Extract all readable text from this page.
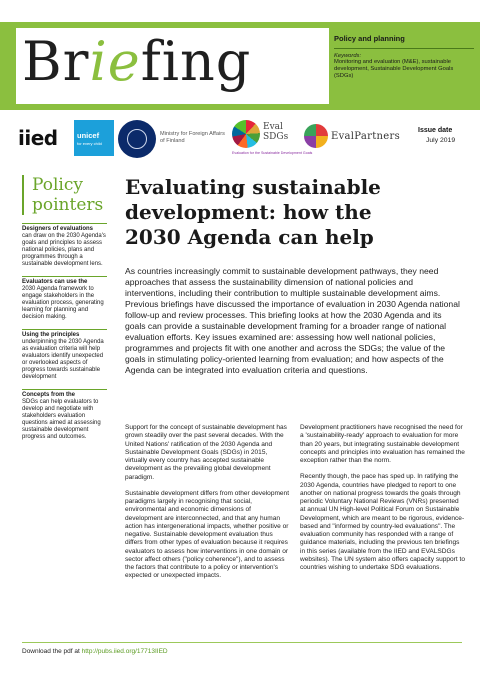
Briefing	Policy and planning
Keywords:
Monitoring and evaluation (M&E), sustainable development, Sustainable Development Goals (SDGs)
iied	unicef
for every child
Ministry for Foreign Affairs of Finland
Eval
SDGs
Evaluation for the Sustainable Development Goals
EvalPartners
Issue date
July 2019
Policy pointers
Designers of evaluations
can draw on the 2030 Agenda's goals and principles to assess national policies, plans and programmes through a sustainable development lens.
Evaluators can use the
2030 Agenda framework to engage stakeholders in the evaluation process, generating learning for planning and decision making.
Using the principles
underpinning the 2030 Agenda as evaluation criteria will help evaluators identify unexpected or overlooked aspects of progress towards sustainable development
Concepts from the
SDGs can help evaluators to develop and negotiate with stakeholders evaluation questions aimed at assessing sustainable development progress and outcomes.
Evaluating sustainable development: how the 2030 Agenda can help

As countries increasingly commit to sustainable development pathways, they need approaches that assess the sustainability dimension of national policies and interventions, including their contribution to multiple sustainable development aims. Previous briefings have discussed the importance of evaluation in 2030 Agenda national follow-up and review processes. This briefing looks at how the 2030 Agenda and its goals can provide a sustainable development framing for a broader range of national evaluation efforts. Key issues examined are: assessing how well national policies, programmes and projects fit with one another and across the SDGs; the value of the goals in stimulating policy-oriented learning from evaluation; and how aspects of the Agenda can be integrated into evaluation criteria and questions.

Support for the concept of sustainable development has grown steadily over the past several decades. With the United Nations' ratification of the 2030 Agenda and Sustainable Development Goals (SDGs) in 2015, virtually every country has accepted sustainable development as the prevailing global development paradigm.

Sustainable development differs from other development paradigms largely in recognising that social, environmental and economic dimensions of development are interconnected, and that any human action has intergenerational impacts, whether positive or negative. Sustainable development evaluation thus differs from other types of evaluation because it requires evaluators to assess how interventions in one domain or sector affect others ("policy coherence"), and to assess the factors that contribute to a policy or intervention's expected or unexpected impacts.

Development practitioners have recognised the need for a 'sustainability-ready' approach to evaluation for more than 20 years, but integrating sustainable development concepts and principles into evaluation has remained the exception rather than the norm.

Recently though, the pace has sped up. In ratifying the 2030 Agenda, countries have pledged to report to one another on national progress towards the goals through periodic Voluntary National Reviews (VNRs) presented at annual UN High-level Political Forum on Sustainable Development, which are meant to be rigorous, evidence-based and "informed by country-led evaluations". The evaluation community has responded with a range of guidance materials, including the previous ten briefings in this series (available from the IIED and EVALSDGs websites). The UN system also offers capacity support to countries wishing to undertake SDG evaluations.

Download the pdf at http://pubs.iied.org/17713IIED
